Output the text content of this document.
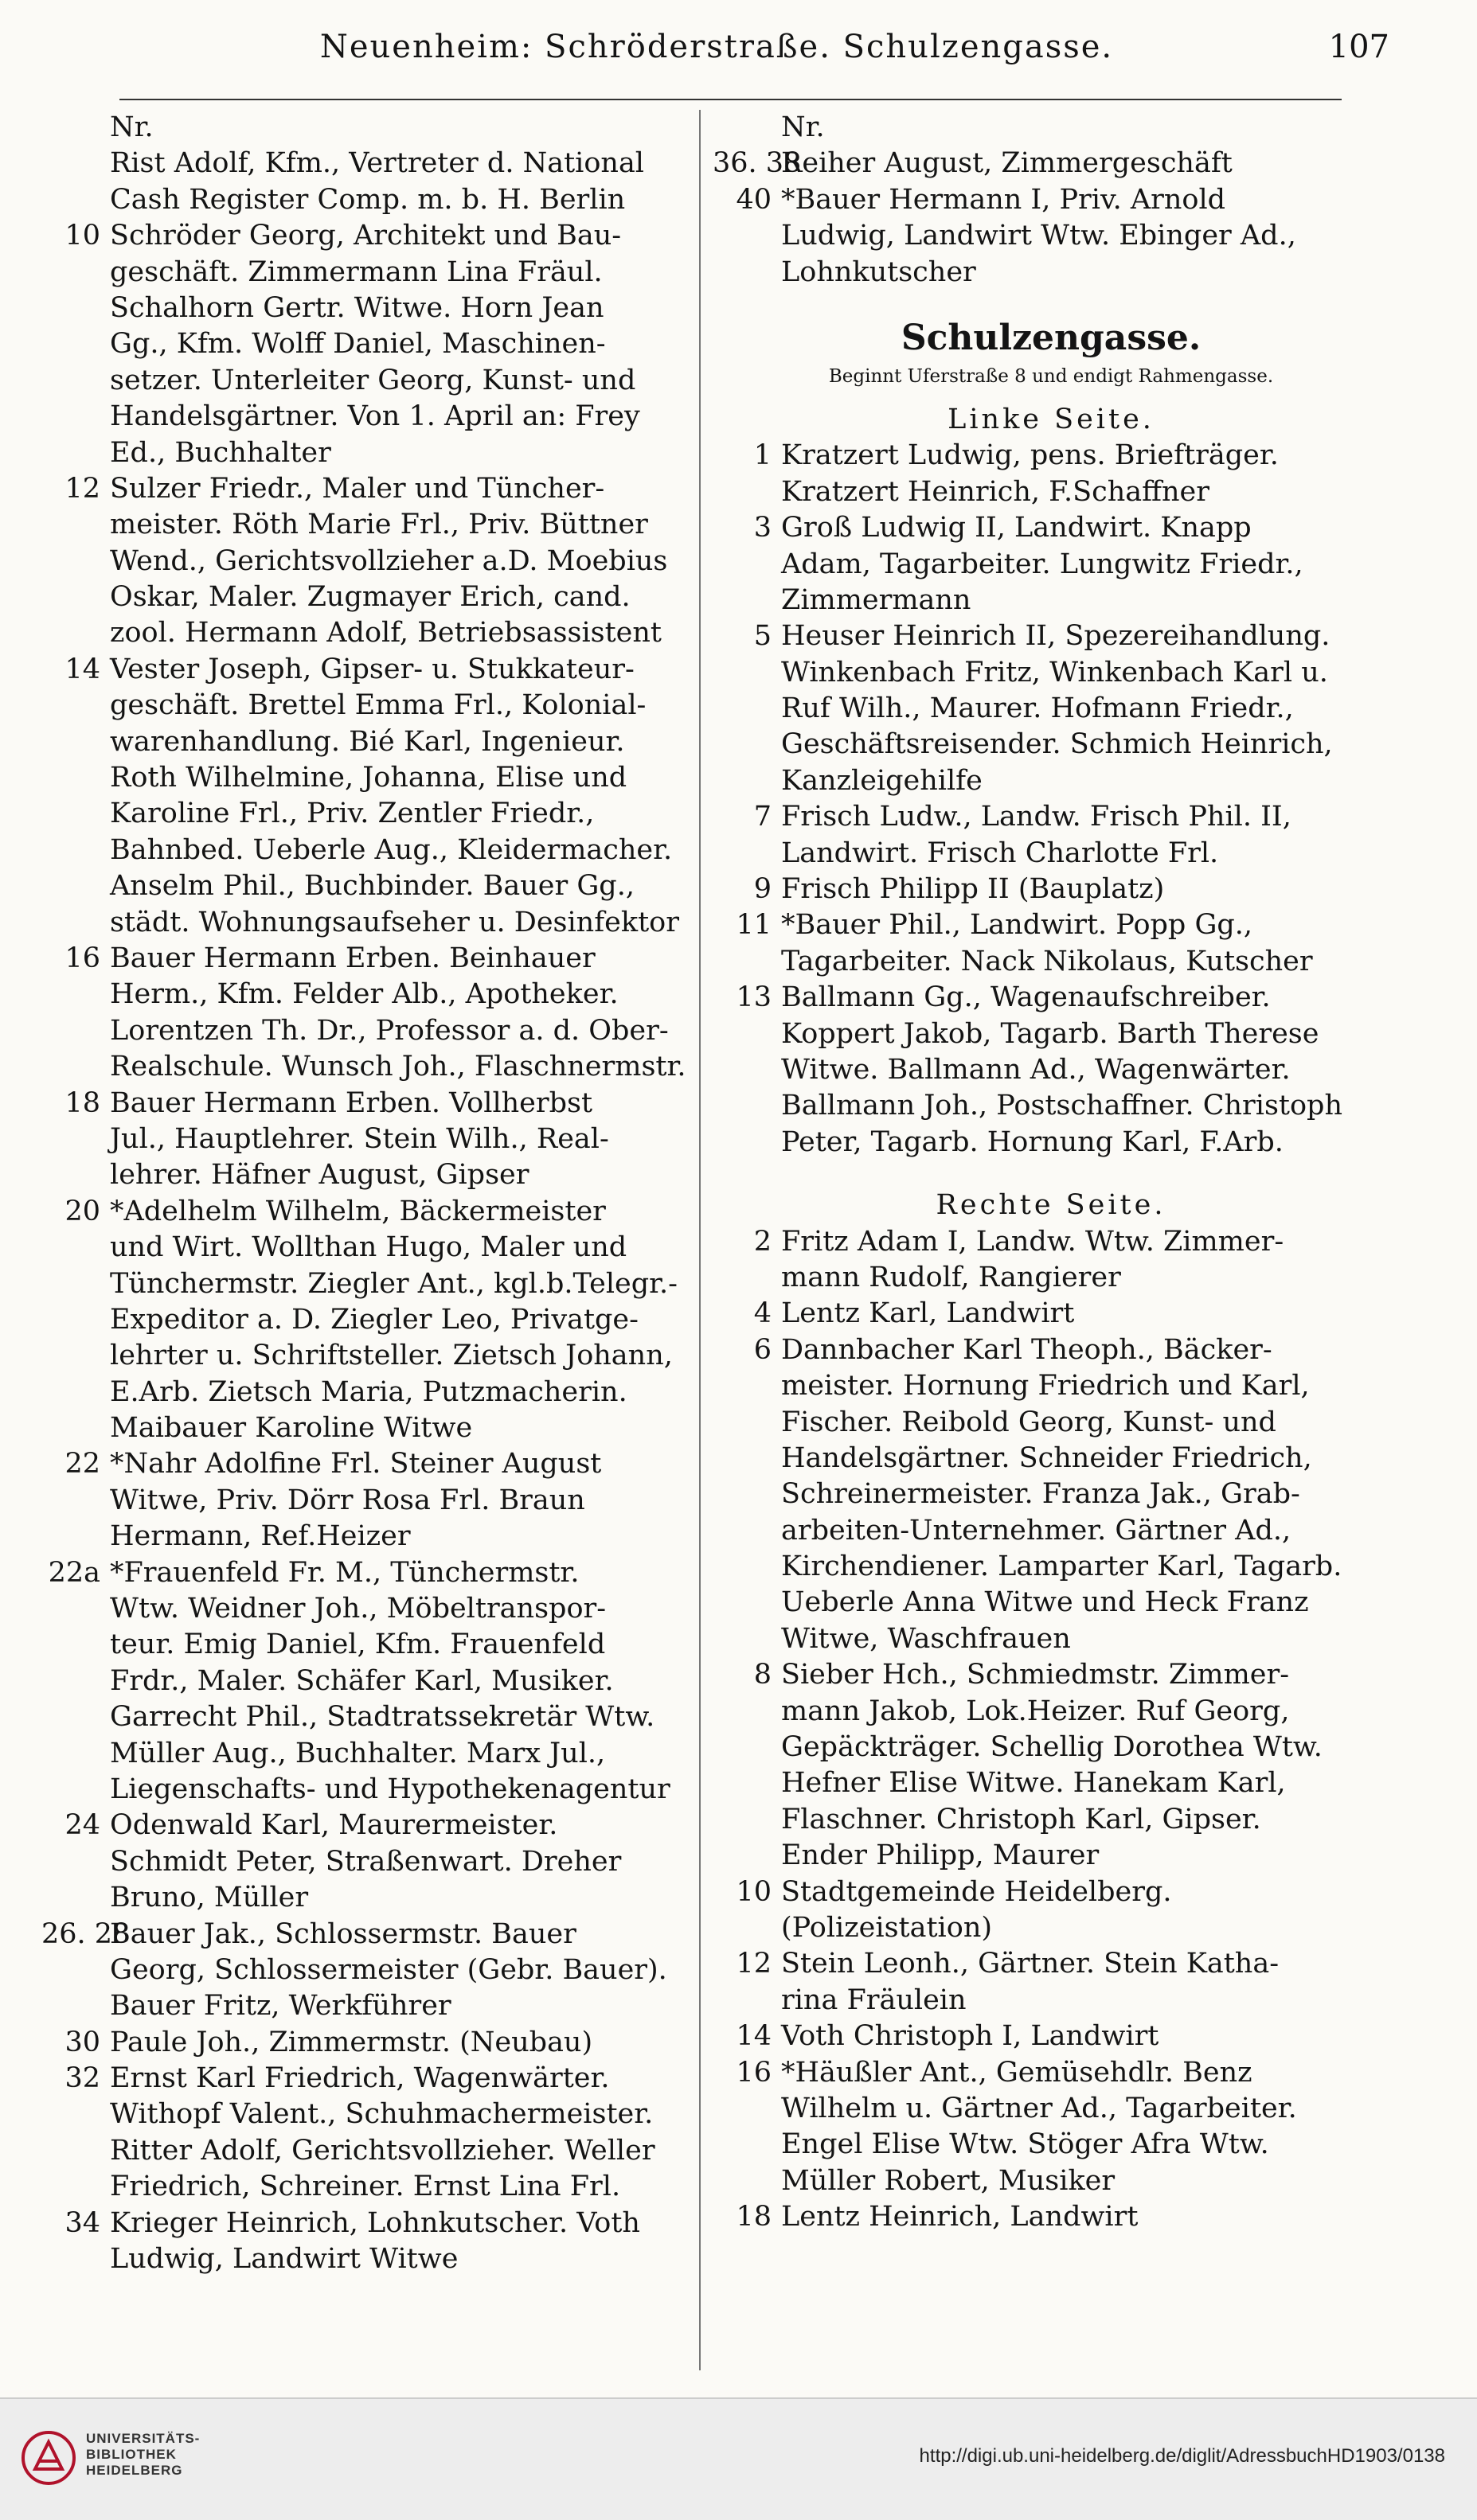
Neuenheim: Schröderstraße. Schulzengasse.	107
Nr.
Rist Adolf, Kfm., Vertreter d. National
Cash Register Comp. m. b. H. Berlin
10 Schröder Georg, Architekt und Bau-
geschäft. Zimmermann Lina Fräul.
Schalhorn Gertr. Witwe. Horn Jean
Gg., Kfm. Wolff Daniel, Maschinen-
setzer. Unterleiter Georg, Kunst- und
Handelsgärtner. Von 1. April an: Frey
Ed., Buchhalter
12 Sulzer Friedr., Maler und Tüncher-
meister. Röth Marie Frl., Priv. Büttner
Wend., Gerichtsvollzieher a.D. Moebius
Oskar, Maler. Zugmayer Erich, cand.
zool. Hermann Adolf, Betriebsassistent
14 Vester Joseph, Gipser- u. Stukkateur-
geschäft. Brettel Emma Frl., Kolonial-
warenhandlung. Bié Karl, Ingenieur.
Roth Wilhelmine, Johanna, Elise und
Karoline Frl., Priv. Zentler Friedr.,
Bahnbed. Ueberle Aug., Kleidermacher.
Anselm Phil., Buchbinder. Bauer Gg.,
städt. Wohnungsaufseher u. Desinfektor
16 Bauer Hermann Erben. Beinhauer
Herm., Kfm. Felder Alb., Apotheker.
Lorentzen Th. Dr., Professor a. d. Ober-
Realschule. Wunsch Joh., Flaschnermstr.
18 Bauer Hermann Erben. Vollherbst
Jul., Hauptlehrer. Stein Wilh., Real-
lehrer. Häfner August, Gipser
20 *Adelhelm Wilhelm, Bäckermeister
und Wirt. Wollthan Hugo, Maler und
Tünchermstr. Ziegler Ant., kgl.b.Telegr.-
Expeditor a. D. Ziegler Leo, Privatge-
lehrter u. Schriftsteller. Zietsch Johann,
E.Arb. Zietsch Maria, Putzmacherin.
Maibauer Karoline Witwe
22 *Nahr Adolfine Frl. Steiner August
Witwe, Priv. Dörr Rosa Frl. Braun
Hermann, Ref.Heizer
22a *Frauenfeld Fr. M., Tünchermstr.
Wtw. Weidner Joh., Möbeltranspor-
teur. Emig Daniel, Kfm. Frauenfeld
Frdr., Maler. Schäfer Karl, Musiker.
Garrecht Phil., Stadtratssekretär Wtw.
Müller Aug., Buchhalter. Marx Jul.,
Liegenschafts- und Hypothekenagentur
24 Odenwald Karl, Maurermeister.
Schmidt Peter, Straßenwart. Dreher
Bruno, Müller
26. 28Bauer Jak., Schlossermstr. Bauer
Georg, Schlossermeister (Gebr. Bauer).
Bauer Fritz, Werkführer
30 Paule Joh., Zimmermstr. (Neubau)
32 Ernst Karl Friedrich, Wagenwärter.
Withopf Valent., Schuhmachermeister.
Ritter Adolf, Gerichtsvollzieher. Weller
Friedrich, Schreiner. Ernst Lina Frl.
34 Krieger Heinrich, Lohnkutscher. Voth
Ludwig, Landwirt Witwe
Nr.
36. 38Reiher August, Zimmergeschäft
40 *Bauer Hermann I, Priv. Arnold
Ludwig, Landwirt Wtw. Ebinger Ad.,
Lohnkutscher
Schulzengasse.
Beginnt Uferstraße 8 und endigt Rahmengasse.
Linke Seite.
1 Kratzert Ludwig, pens. Briefträger.
Kratzert Heinrich, F.Schaffner
3 Groß Ludwig II, Landwirt. Knapp
Adam, Tagarbeiter. Lungwitz Friedr.,
Zimmermann
5 Heuser Heinrich II, Spezereihandlung.
Winkenbach Fritz, Winkenbach Karl u.
Ruf Wilh., Maurer. Hofmann Friedr.,
Geschäftsreisender. Schmich Heinrich,
Kanzleigehilfe
7 Frisch Ludw., Landw. Frisch Phil. II,
Landwirt. Frisch Charlotte Frl.
9 Frisch Philipp II (Bauplatz)
11 *Bauer Phil., Landwirt. Popp Gg.,
Tagarbeiter. Nack Nikolaus, Kutscher
13 Ballmann Gg., Wagenaufschreiber.
Koppert Jakob, Tagarb. Barth Therese
Witwe. Ballmann Ad., Wagenwärter.
Ballmann Joh., Postschaffner. Christoph
Peter, Tagarb. Hornung Karl, F.Arb.
Rechte Seite.
2 Fritz Adam I, Landw. Wtw. Zimmer-
mann Rudolf, Rangierer
4 Lentz Karl, Landwirt
6 Dannbacher Karl Theoph., Bäcker-
meister. Hornung Friedrich und Karl,
Fischer. Reibold Georg, Kunst- und
Handelsgärtner. Schneider Friedrich,
Schreinermeister. Franza Jak., Grab-
arbeiten-Unternehmer. Gärtner Ad.,
Kirchendiener. Lamparter Karl, Tagarb.
Ueberle Anna Witwe und Heck Franz
Witwe, Waschfrauen
8 Sieber Hch., Schmiedmstr. Zimmer-
mann Jakob, Lok.Heizer. Ruf Georg,
Gepäckträger. Schellig Dorothea Wtw.
Hefner Elise Witwe. Hanekam Karl,
Flaschner. Christoph Karl, Gipser.
Ender Philipp, Maurer
10 Stadtgemeinde Heidelberg.
(Polizeistation)
12 Stein Leonh., Gärtner. Stein Katha-
rina Fräulein
14 Voth Christoph I, Landwirt
16 *Häußler Ant., Gemüsehdlr. Benz
Wilhelm u. Gärtner Ad., Tagarbeiter.
Engel Elise Wtw. Stöger Afra Wtw.
Müller Robert, Musiker
18 Lentz Heinrich, Landwirt
UNIVERSITÄTS-
BIBLIOTHEK
HEIDELBERG
http://digi.ub.uni-heidelberg.de/diglit/AdressbuchHD1903/0138
